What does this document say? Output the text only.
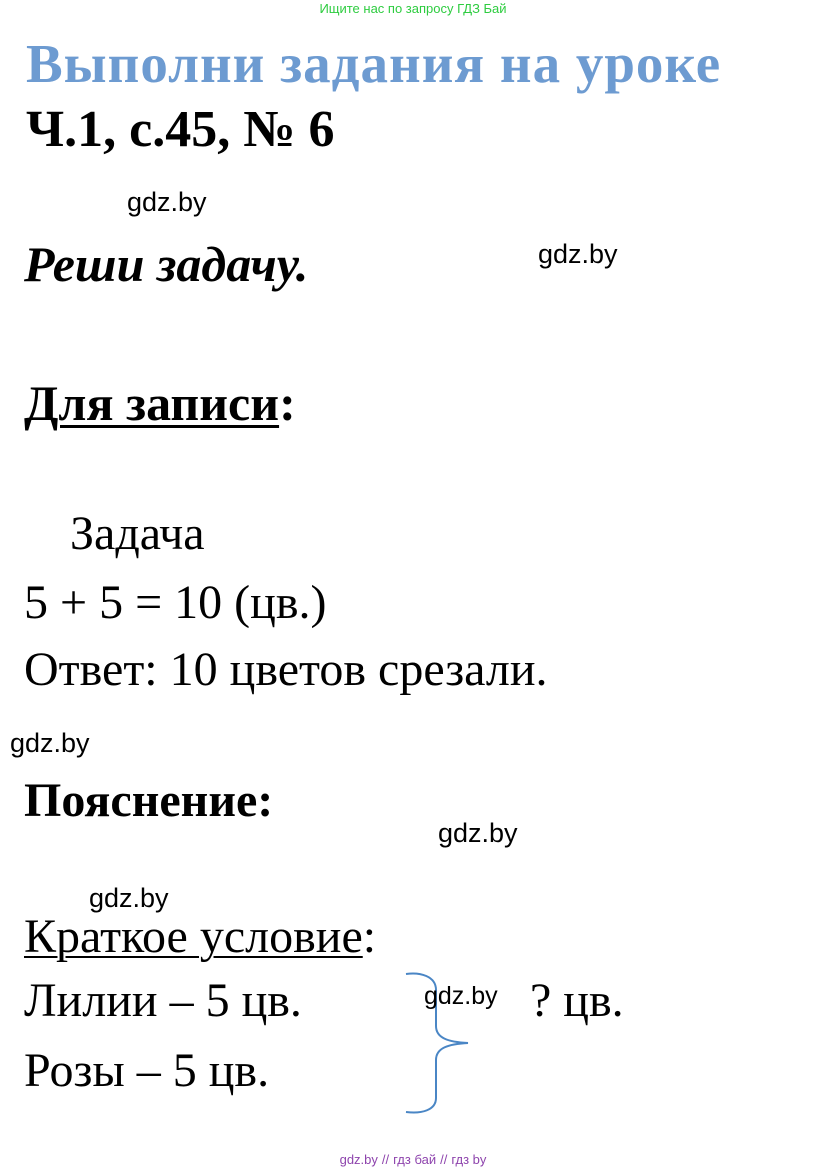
Ищите нас по запросу ГДЗ Бай
Выполни задания на уроке
Ч.1, с.45, № 6
Реши задачу.
Для записи:
Задача
5 + 5 = 10 (цв.)
Ответ: 10 цветов срезали.
Пояснение:
Краткое условие:
Лилии – 5 цв.
Розы – 5 цв.
? цв.
gdz.by
gdz.by
gdz.by
gdz.by
gdz.by
gdz.by
gdz.by // гдз бай // гдз by
